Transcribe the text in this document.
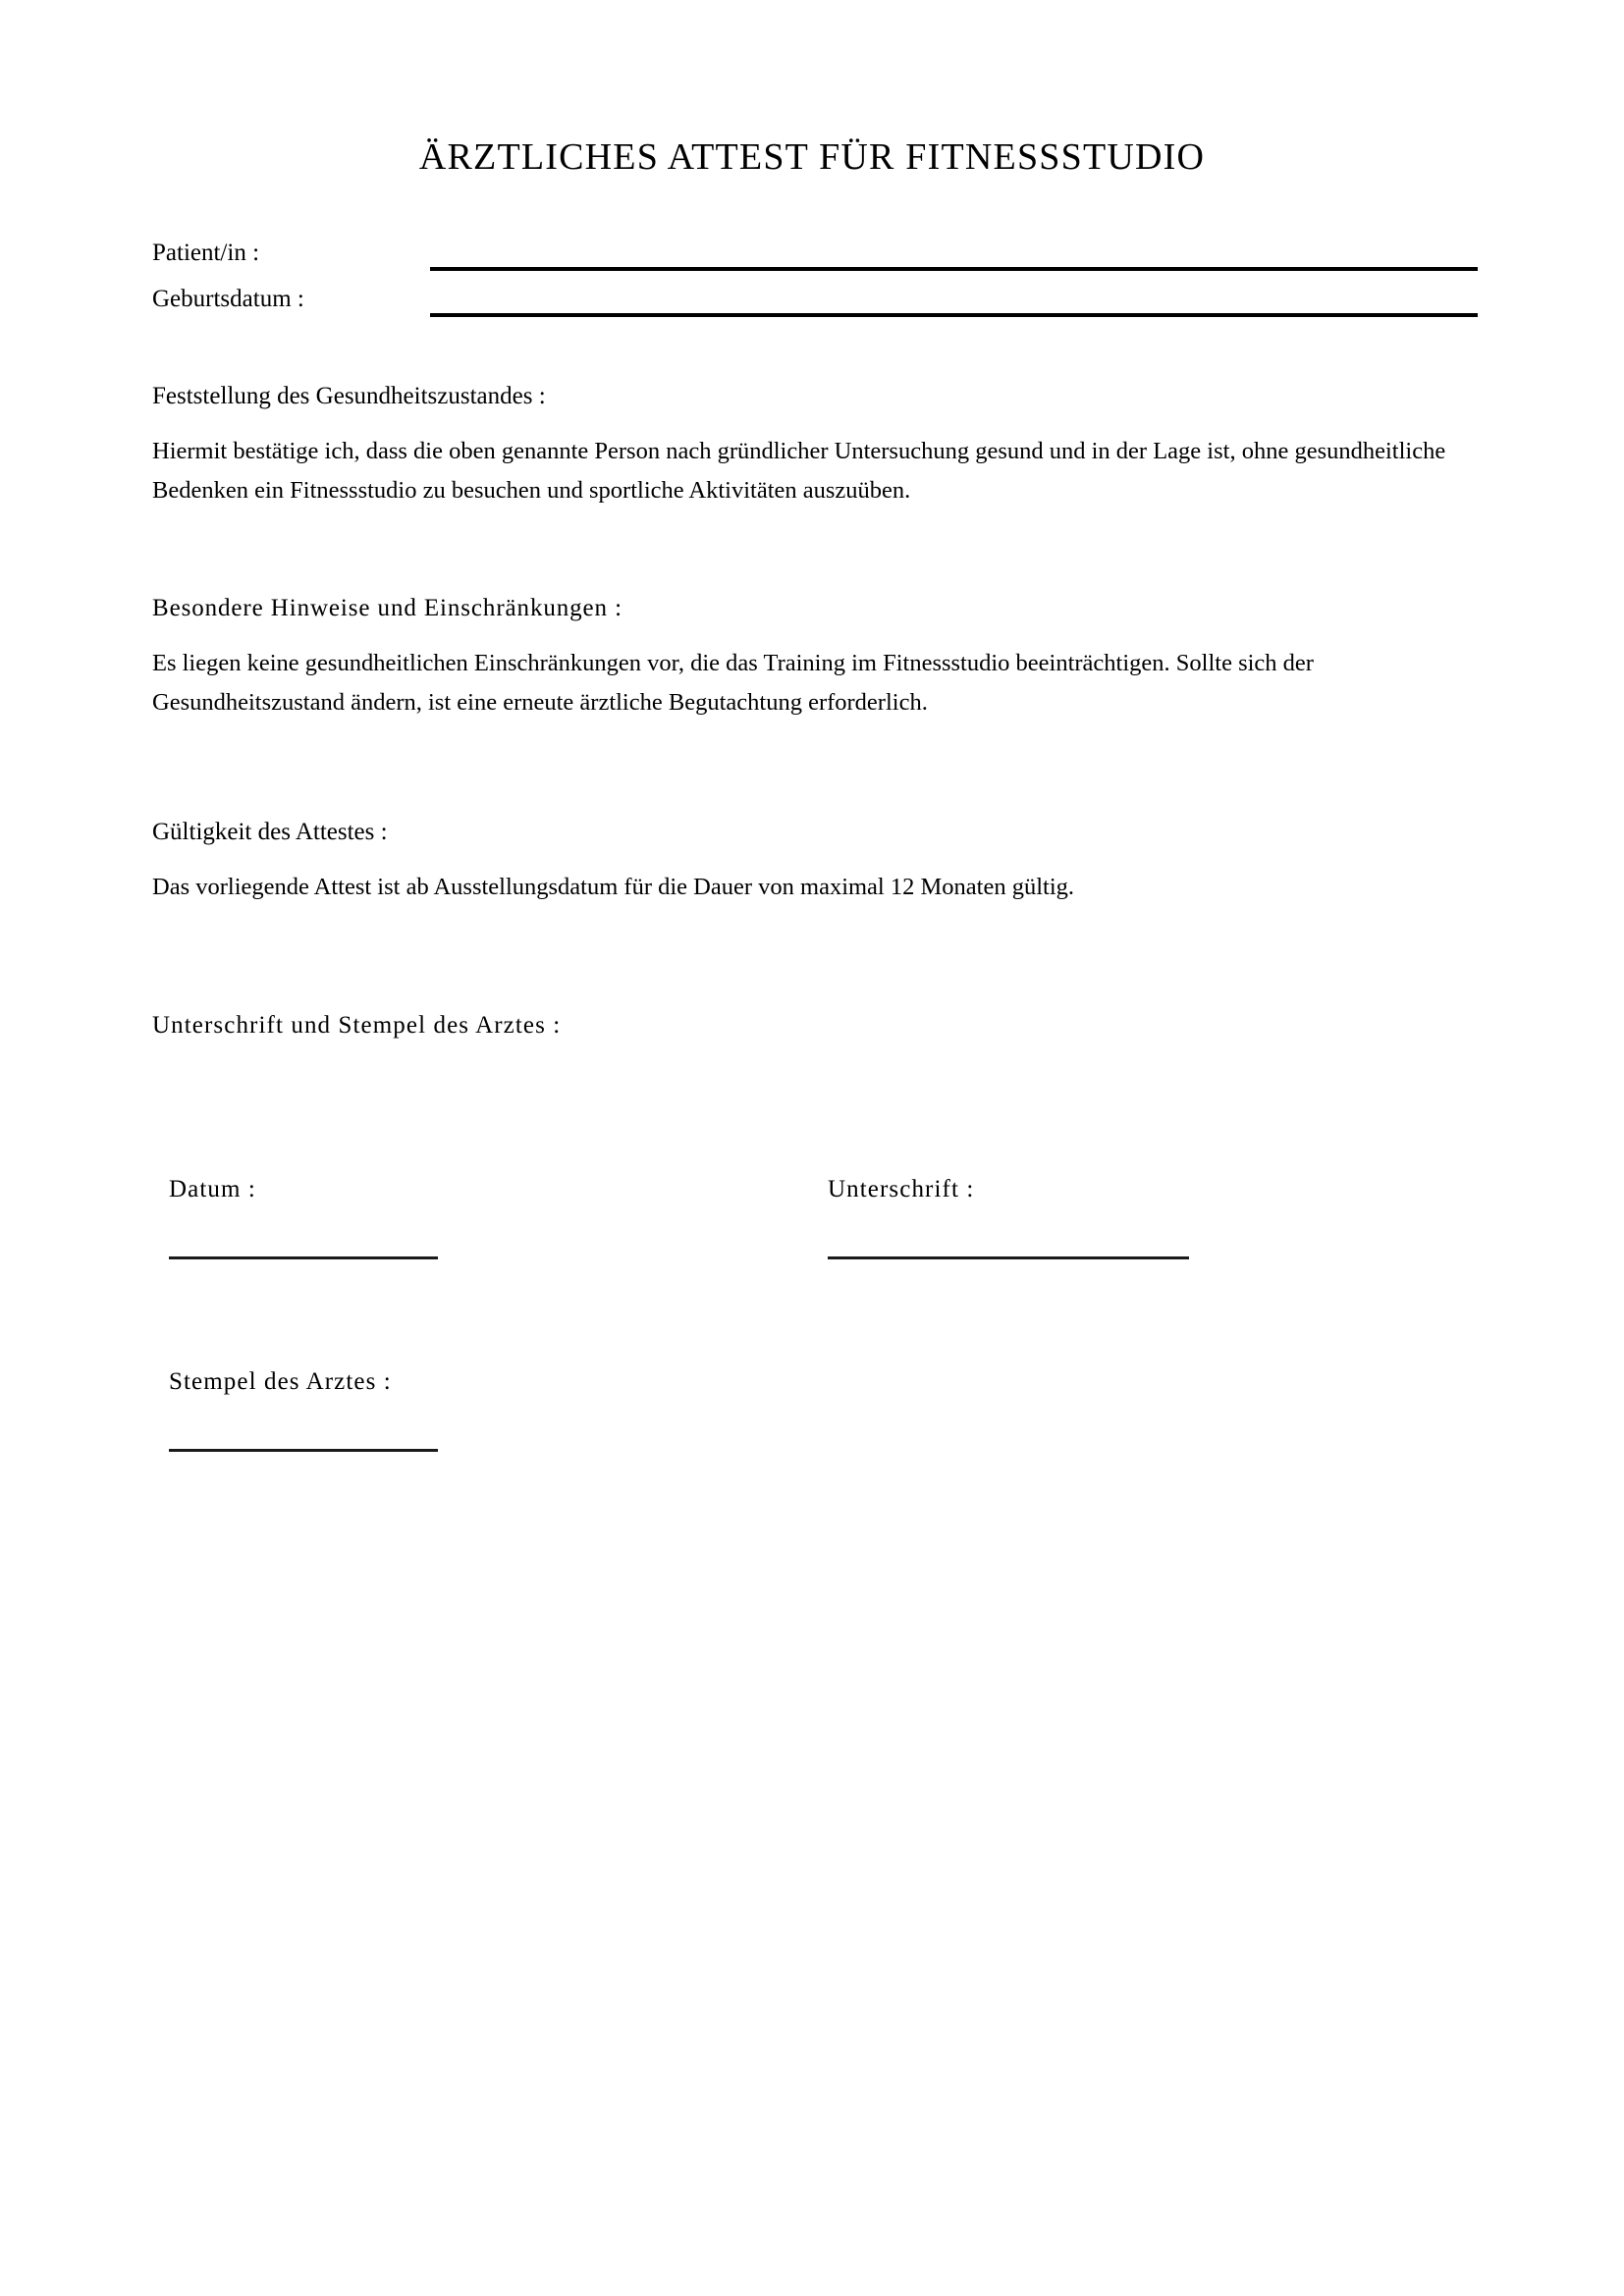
ÄRZTLICHES ATTEST FÜR FITNESSSTUDIO
Patient/in :
Geburtsdatum :

Feststellung des Gesundheitszustandes :

Hiermit bestätige ich, dass die oben genannte Person nach gründlicher Untersuchung gesund und in der Lage ist, ohne gesundheitliche Bedenken ein Fitnessstudio zu besuchen und sportliche Aktivitäten auszuüben.

Besondere Hinweise und Einschränkungen :

Es liegen keine gesundheitlichen Einschränkungen vor, die das Training im Fitnessstudio beeinträchtigen. Sollte sich der Gesundheitszustand ändern, ist eine erneute ärztliche Begutachtung erforderlich.

Gültigkeit des Attestes :

Das vorliegende Attest ist ab Ausstellungsdatum für die Dauer von maximal 12 Monaten gültig.

Unterschrift und Stempel des Arztes :

Datum :	Unterschrift :
Stempel des Arztes :
